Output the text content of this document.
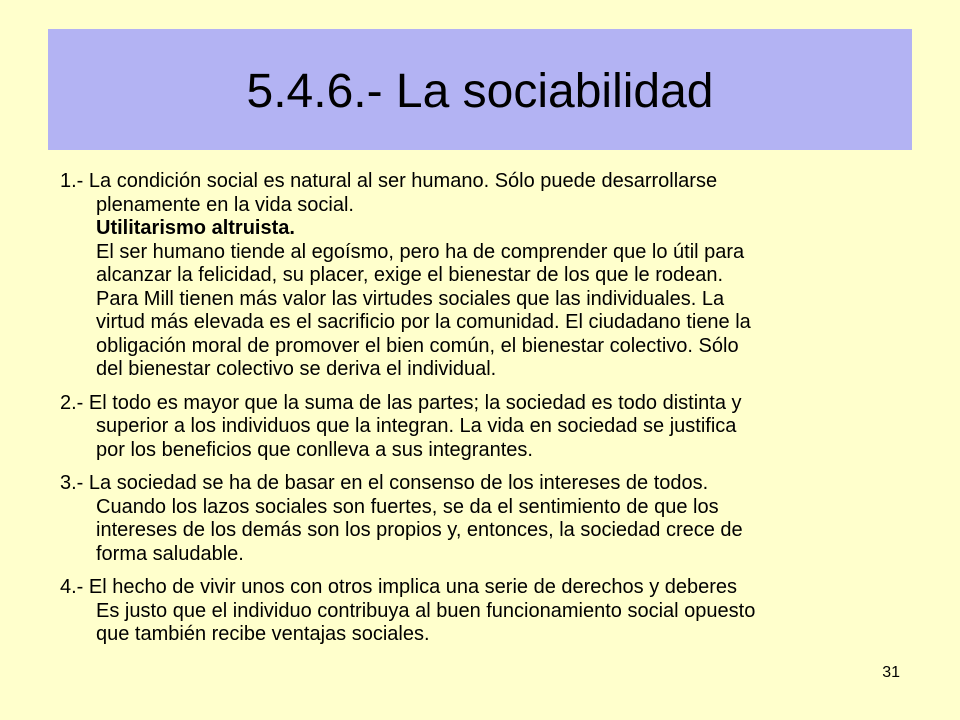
5.4.6.- La sociabilidad
1.- La condición social es natural al ser humano. Sólo puede desarrollarse
plenamente en la vida social.
Utilitarismo altruista.
El ser humano tiende al egoísmo, pero ha de comprender que lo útil para
alcanzar la felicidad, su placer, exige el bienestar de los que le rodean.
Para Mill tienen más valor las virtudes sociales que las individuales. La
virtud más elevada es el sacrificio por la comunidad. El ciudadano tiene la
obligación moral de promover el bien común, el bienestar colectivo. Sólo
del bienestar colectivo se deriva el individual.
2.- El todo es mayor que la suma de las partes; la sociedad es todo distinta y
superior a los individuos que la integran. La vida en sociedad se justifica
por los beneficios que conlleva a sus integrantes.
3.- La sociedad se ha de basar en el consenso de los intereses de todos.
Cuando los lazos sociales son fuertes, se da el sentimiento de que los
intereses de los demás son los propios y, entonces, la sociedad crece de
forma saludable.
4.- El hecho de vivir unos con otros implica una serie de derechos y deberes
Es justo que el individuo contribuya al buen funcionamiento social opuesto
que también recibe ventajas sociales.
31
